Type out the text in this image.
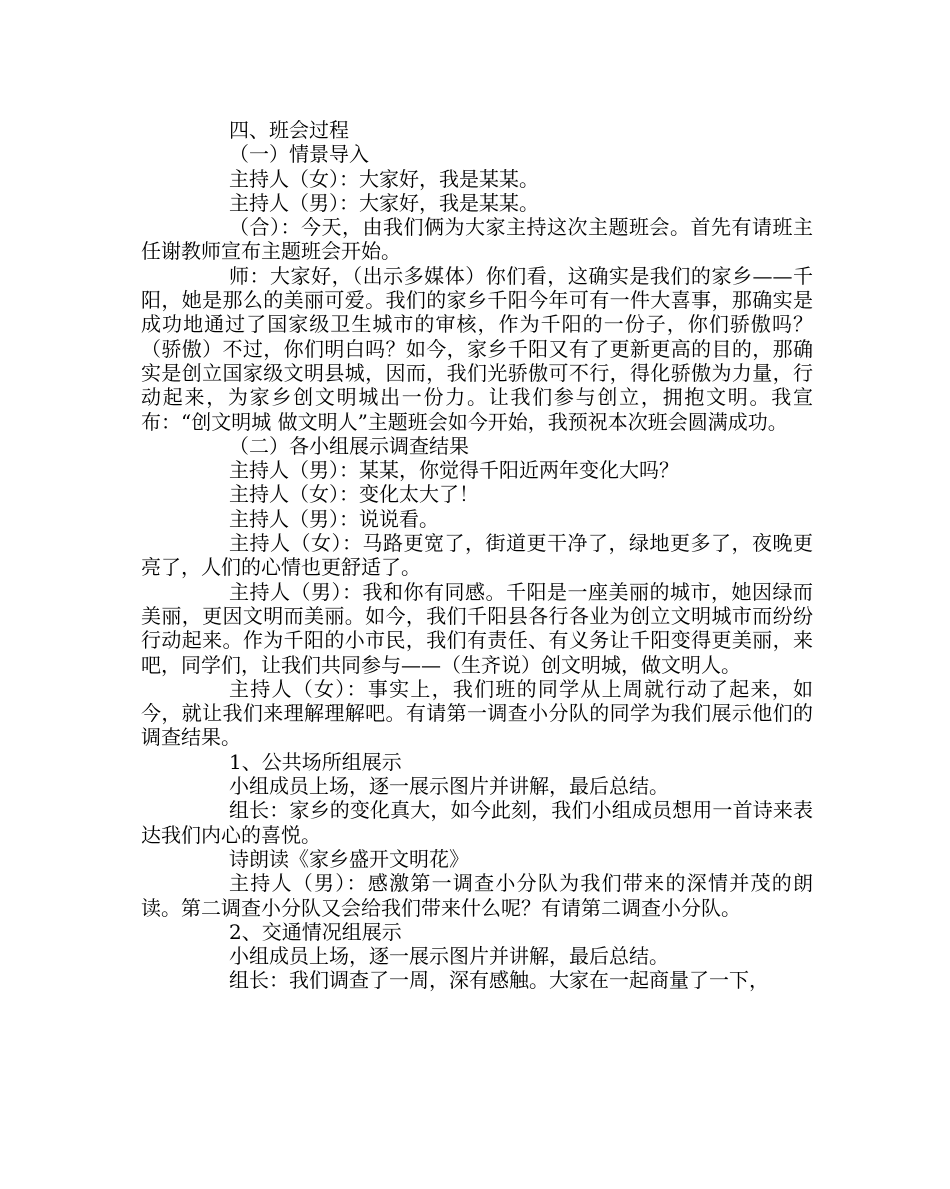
四、班会过程

（一）情景导入

主持人（女）：大家好，我是某某。

主持人（男）：大家好，我是某某。

（合）：今天，由我们俩为大家主持这次主题班会。首先有请班主任谢教师宣布主题班会开始。

师：大家好，（出示多媒体）你们看，这确实是我们的家乡——千阳，她是那么的美丽可爱。我们的家乡千阳今年可有一件大喜事，那确实是成功地通过了国家级卫生城市的审核，作为千阳的一份子，你们骄傲吗？（骄傲）不过，你们明白吗？如今，家乡千阳又有了更新更高的目的，那确实是创立国家级文明县城，因而，我们光骄傲可不行，得化骄傲为力量，行动起来，为家乡创文明城出一份力。让我们参与创立，拥抱文明。我宣布：“创文明城 做文明人”主题班会如今开始，我预祝本次班会圆满成功。

（二）各小组展示调查结果

主持人（男）：某某，你觉得千阳近两年变化大吗？

主持人（女）：变化太大了！

主持人（男）：说说看。

主持人（女）：马路更宽了，街道更干净了，绿地更多了，夜晚更亮了，人们的心情也更舒适了。

主持人（男）：我和你有同感。千阳是一座美丽的城市，她因绿而美丽，更因文明而美丽。如今，我们千阳县各行各业为创立文明城市而纷纷行动起来。作为千阳的小市民，我们有责任、有义务让千阳变得更美丽，来吧，同学们，让我们共同参与——（生齐说）创文明城，做文明人。

主持人（女）：事实上，我们班的同学从上周就行动了起来，如今，就让我们来理解理解吧。有请第一调查小分队的同学为我们展示他们的调查结果。

1、公共场所组展示

小组成员上场，逐一展示图片并讲解，最后总结。

组长：家乡的变化真大，如今此刻，我们小组成员想用一首诗来表达我们内心的喜悦。

诗朗读《家乡盛开文明花》

主持人（男）：感激第一调查小分队为我们带来的深情并茂的朗读。第二调查小分队又会给我们带来什么呢？有请第二调查小分队。

2、交通情况组展示

小组成员上场，逐一展示图片并讲解，最后总结。

组长：我们调查了一周，深有感触。大家在一起商量了一下，
